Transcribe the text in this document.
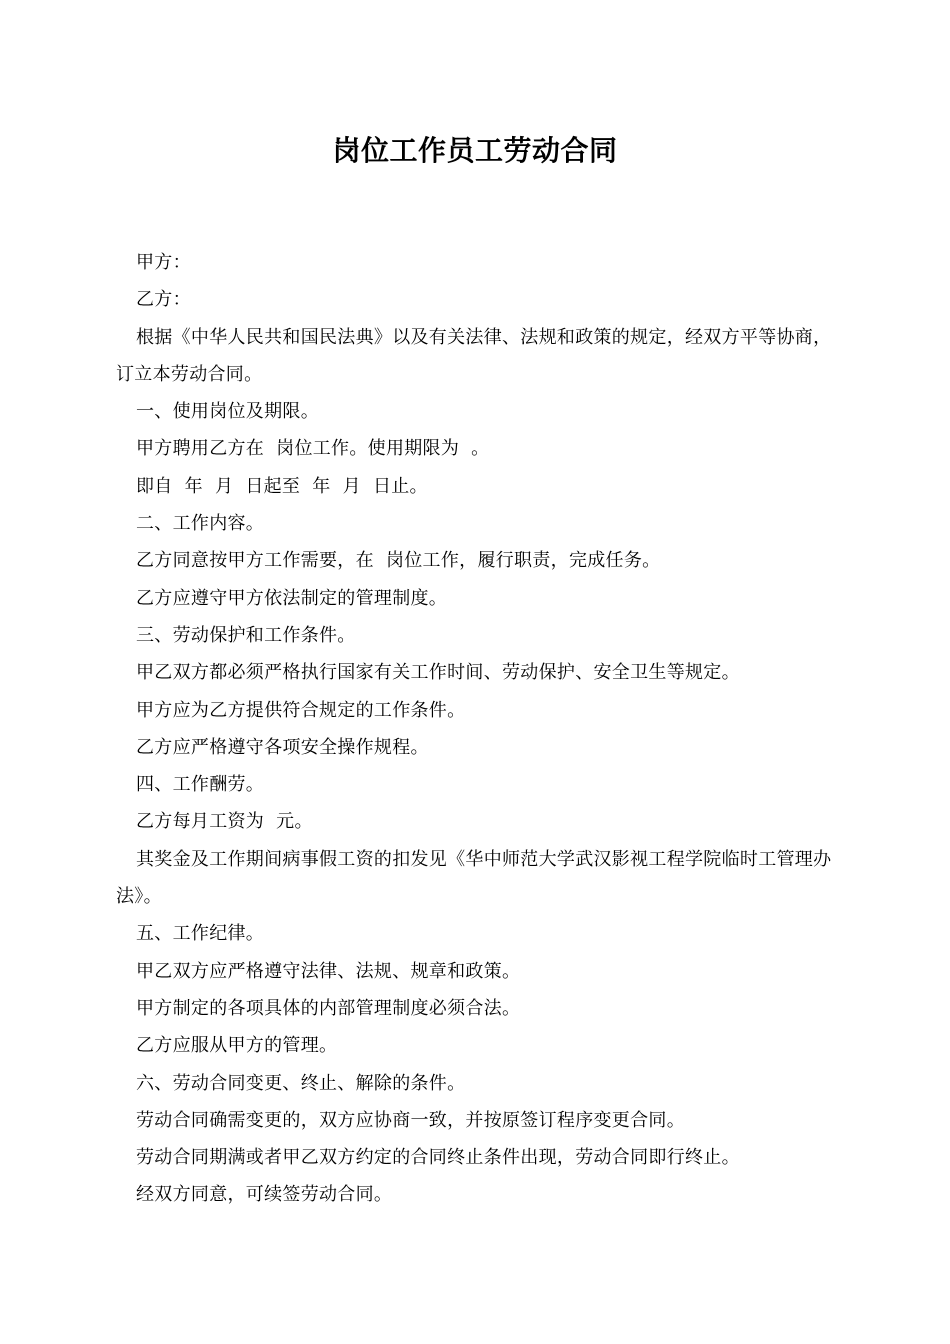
岗位工作员工劳动合同

甲方：

乙方：

根据《中华人民共和国民法典》以及有关法律、法规和政策的规定，经双方平等协商，订立本劳动合同。

一、使用岗位及期限。

甲方聘用乙方在  岗位工作。使用期限为  。

即自  年  月  日起至  年  月  日止。

二、工作内容。

乙方同意按甲方工作需要，在  岗位工作，履行职责，完成任务。

乙方应遵守甲方依法制定的管理制度。

三、劳动保护和工作条件。

甲乙双方都必须严格执行国家有关工作时间、劳动保护、安全卫生等规定。

甲方应为乙方提供符合规定的工作条件。

乙方应严格遵守各项安全操作规程。

四、工作酬劳。

乙方每月工资为  元。

其奖金及工作期间病事假工资的扣发见《华中师范大学武汉影视工程学院临时工管理办法》。

五、工作纪律。

甲乙双方应严格遵守法律、法规、规章和政策。

甲方制定的各项具体的内部管理制度必须合法。

乙方应服从甲方的管理。

六、劳动合同变更、终止、解除的条件。

劳动合同确需变更的，双方应协商一致，并按原签订程序变更合同。

劳动合同期满或者甲乙双方约定的合同终止条件出现，劳动合同即行终止。

经双方同意，可续签劳动合同。
